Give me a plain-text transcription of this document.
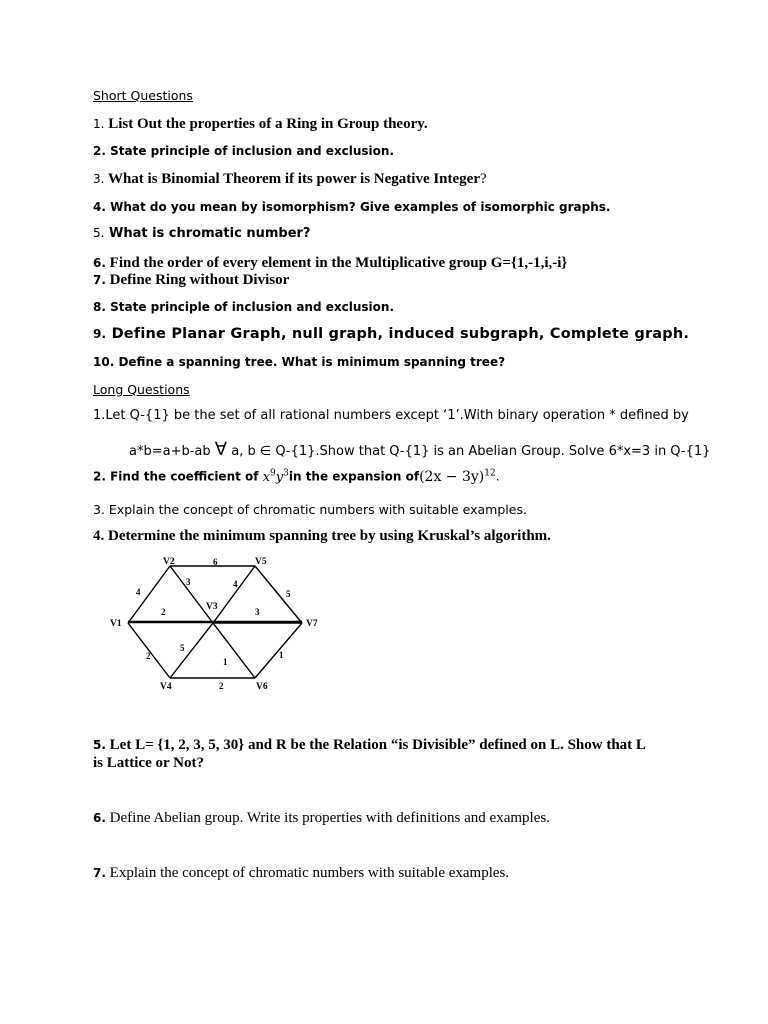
Short Questions
1. List Out the properties of a Ring in Group theory.
2. State principle of inclusion and exclusion.
3. What is Binomial Theorem if its power is Negative Integer?
4. What do you mean by isomorphism? Give examples of isomorphic graphs.
5. What is chromatic number?
6. Find the order of every element in the Multiplicative group G={1,-1,i,-i}
7. Define Ring without Divisor
8. State principle of inclusion and exclusion.
9. Define Planar Graph, null graph, induced subgraph, Complete graph.
10. Define a spanning tree. What is minimum spanning tree?
Long Questions
1.Let Q-{1} be the set of all rational numbers except ‘1’.With binary operation * defined by
a*b=a+b-ab ∀ a, b ∈ Q-{1}.Show that Q-{1} is an Abelian Group. Solve 6*x=3 in Q-{1}
2. Find the coefficient of $x^9y^3in$ the expansion $of(2x - 3y)^{12}$.
3. Explain the concept of chromatic numbers with suitable examples.
4. Determine the minimum spanning tree by using Kruskal’s algorithm.
V2	V5
V3
V1	V7
V4	V6
6
4
3	4
5
2	3
2
5
1
1
2
5. Let L= {1, 2, 3, 5, 30} and R be the Relation “is Divisible” defined on L. Show that L
is Lattice or Not?
6. Define Abelian group. Write its properties with definitions and examples.
7. Explain the concept of chromatic numbers with suitable examples.
